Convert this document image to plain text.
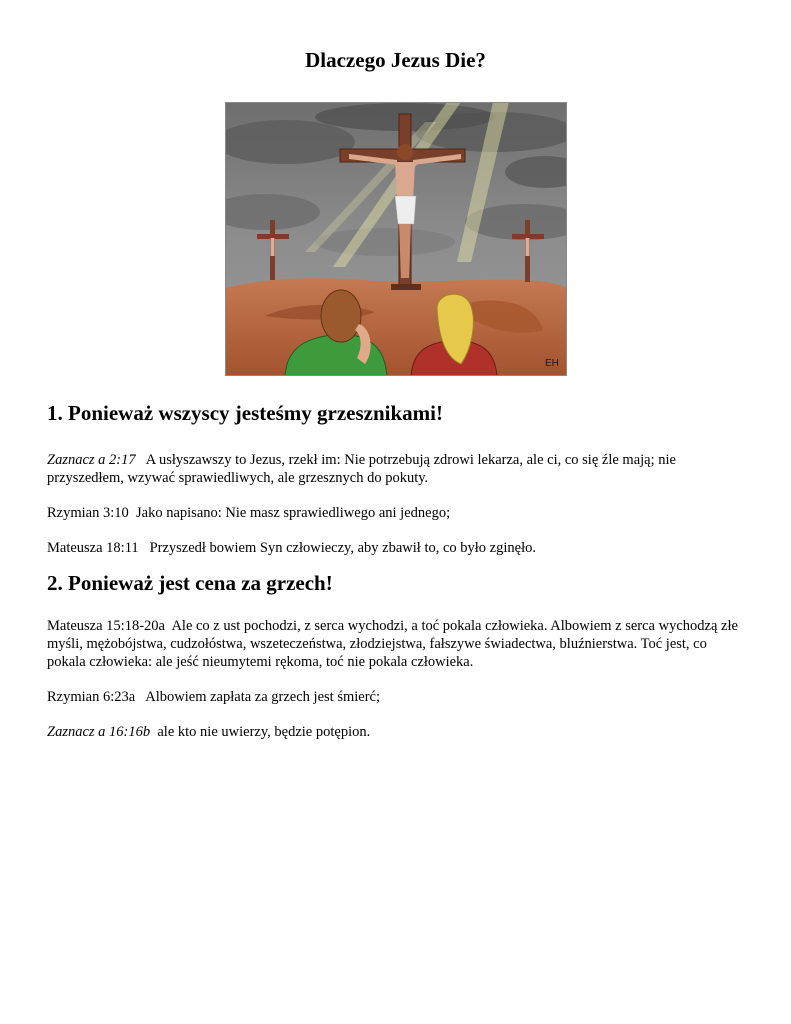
Dlaczego Jezus Die?
EH
1. Ponieważ wszyscy jesteśmy grzesznikami!

Zaznacz a 2:17 A usłyszawszy to Jezus, rzekł im: Nie potrzebują zdrowi lekarza, ale ci, co się źle mają; nie przyszedłem, wzywać sprawiedliwych, ale grzesznych do pokuty.

Rzymian 3:10 Jako napisano: Nie masz sprawiedliwego ani jednego;

Mateusza 18:11 Przyszedł bowiem Syn człowieczy, aby zbawił to, co było zginęło.

2. Ponieważ jest cena za grzech!

Mateusza 15:18-20a Ale co z ust pochodzi, z serca wychodzi, a toć pokala człowieka. Albowiem z serca wychodzą złe myśli, mężobójstwa, cudzołóstwa, wszeteczeństwa, złodziejstwa, fałszywe świadectwa, bluźnierstwa. Toć jest, co pokala człowieka: ale jeść nieumytemi rękoma, toć nie pokala człowieka.

Rzymian 6:23a Albowiem zapłata za grzech jest śmierć;

Zaznacz a 16:16b ale kto nie uwierzy, będzie potępion.
